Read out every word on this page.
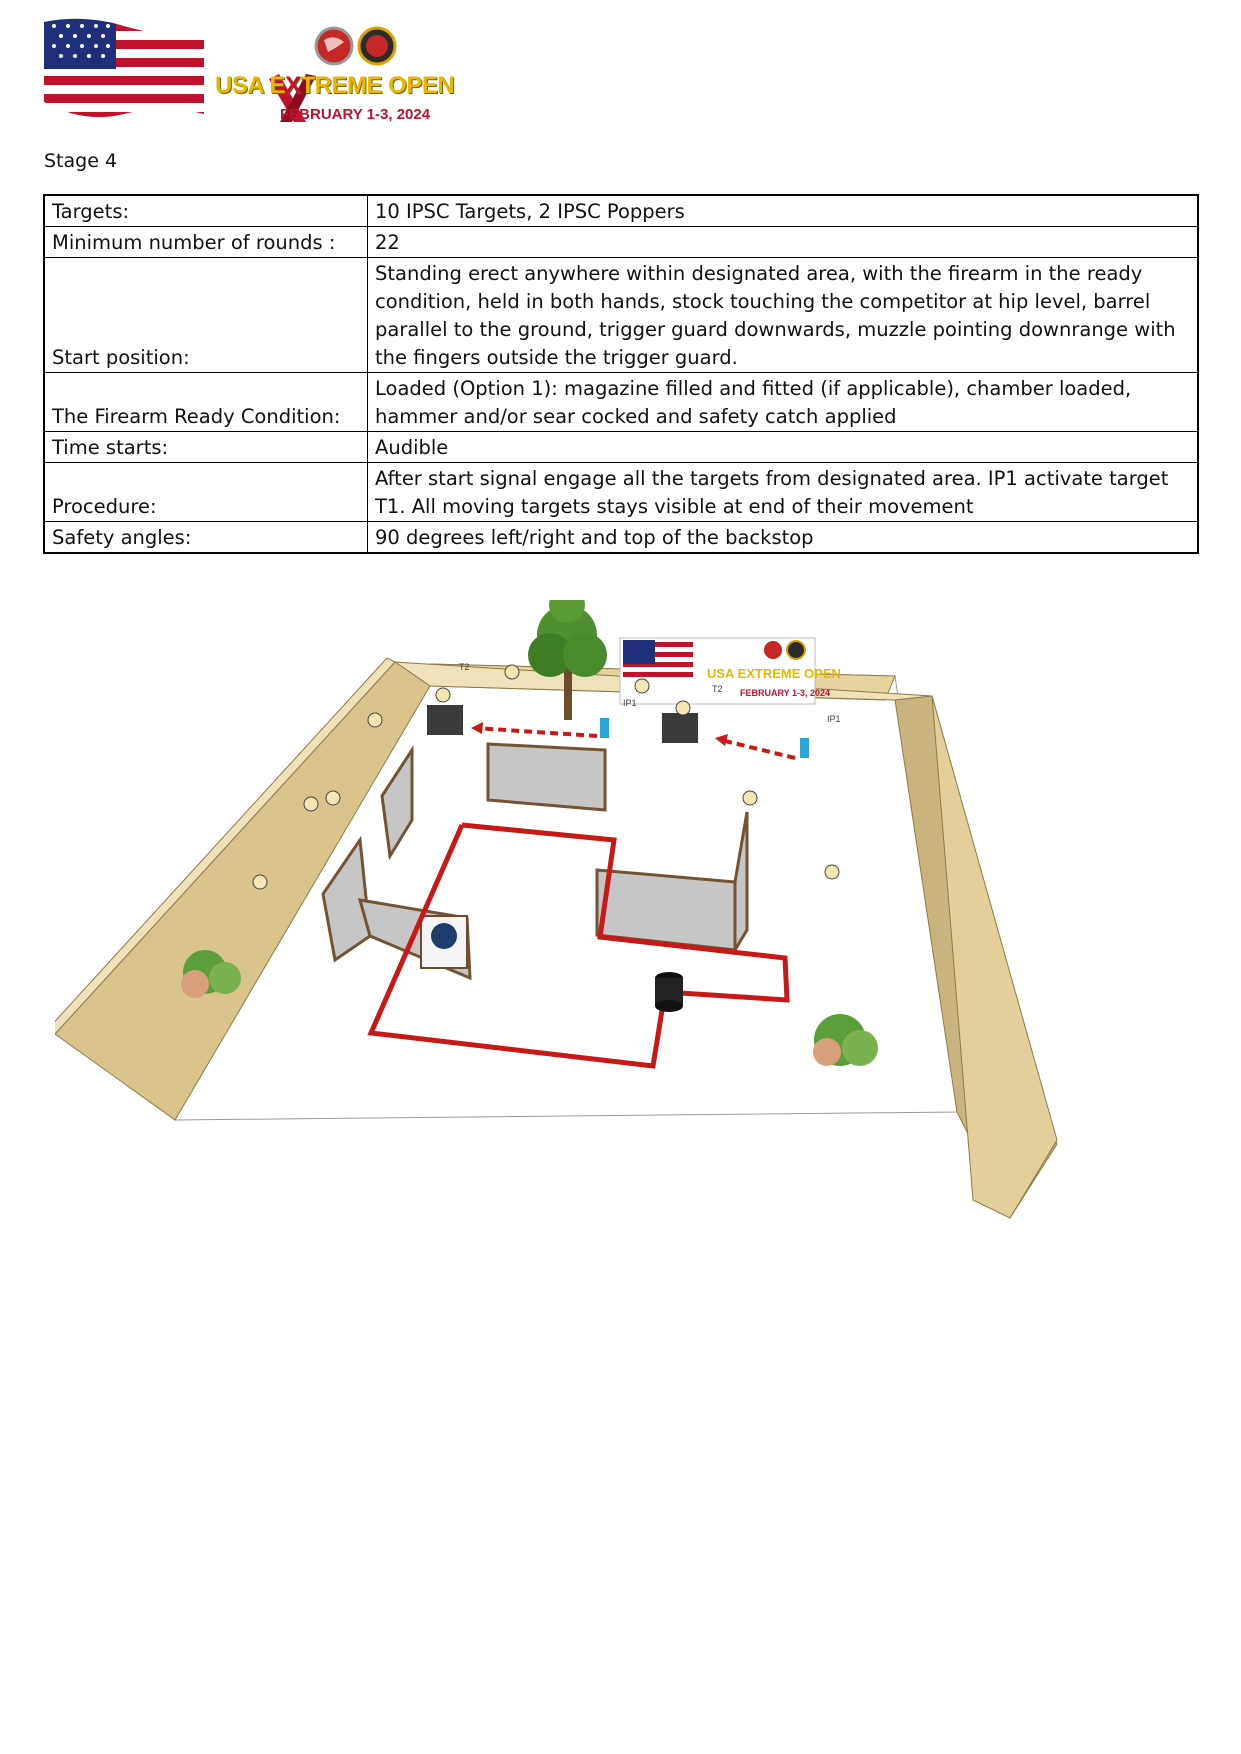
USA EXTREME OPEN
FEBRUARY 1-3, 2024
Stage 4
Targets:	10 IPSC Targets, 2 IPSC Poppers
Minimum number of rounds :	22
Start position:	Standing erect anywhere within designated area, with the firearm in the ready condition, held in both hands, stock touching the competitor at hip level, barrel parallel to the ground, trigger guard downwards, muzzle pointing downrange with the fingers outside the trigger guard.
The Firearm Ready Condition:	Loaded (Option 1): magazine filled and fitted (if applicable), chamber loaded, hammer and/or sear cocked and safety catch applied
Time starts:	Audible
Procedure:	After start signal engage all the targets from designated area. IP1 activate target T1. All moving targets stays visible at end of their movement
Safety angles:	90 degrees left/right and top of the backstop
USA EXTREME OPEN
FEBRUARY 1-3, 2024
T2
T2
IP1
IP1
